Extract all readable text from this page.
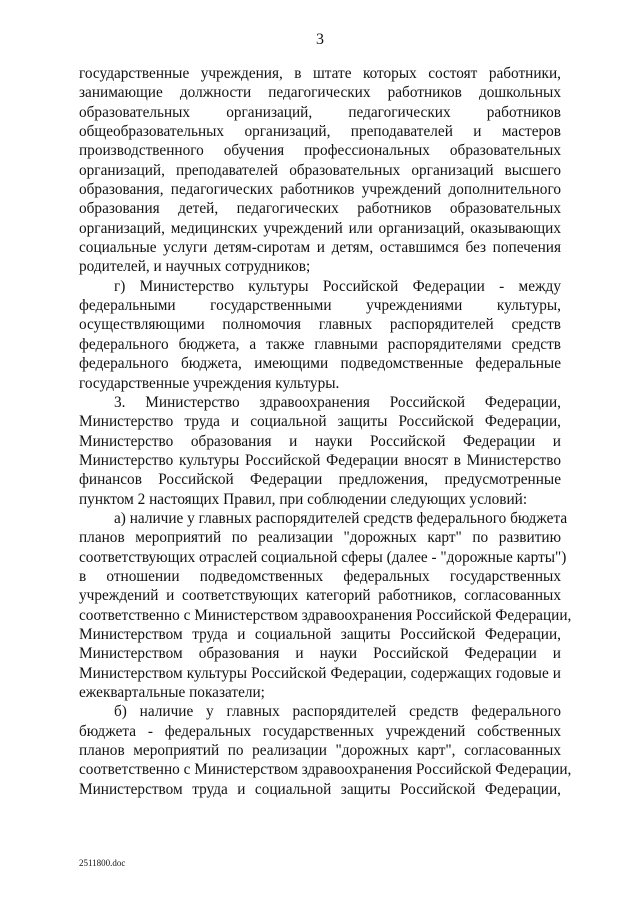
3
государственные учреждения, в штате которых состоят работники,
занимающие должности педагогических работников дошкольных
образовательных организаций, педагогических работников
общеобразовательных организаций, преподавателей и мастеров
производственного обучения профессиональных образовательных
организаций, преподавателей образовательных организаций высшего
образования, педагогических работников учреждений дополнительного
образования детей, педагогических работников образовательных
организаций, медицинских учреждений или организаций, оказывающих
социальные услуги детям-сиротам и детям, оставшимся без попечения
родителей, и научных сотрудников;
г) Министерство культуры Российской Федерации - между
федеральными государственными учреждениями культуры,
осуществляющими полномочия главных распорядителей средств
федерального бюджета, а также главными распорядителями средств
федерального бюджета, имеющими подведомственные федеральные
государственные учреждения культуры.
3. Министерство здравоохранения Российской Федерации,
Министерство труда и социальной защиты Российской Федерации,
Министерство образования и науки Российской Федерации и
Министерство культуры Российской Федерации вносят в Министерство
финансов Российской Федерации предложения, предусмотренные
пунктом 2 настоящих Правил, при соблюдении следующих условий:
а) наличие у главных распорядителей средств федерального бюджета
планов мероприятий по реализации "дорожных карт" по развитию
соответствующих отраслей социальной сферы (далее - "дорожные карты")
в отношении подведомственных федеральных государственных
учреждений и соответствующих категорий работников, согласованных
соответственно с Министерством здравоохранения Российской Федерации,
Министерством труда и социальной защиты Российской Федерации,
Министерством образования и науки Российской Федерации и
Министерством культуры Российской Федерации, содержащих годовые и
ежеквартальные показатели;
б) наличие у главных распорядителей средств федерального
бюджета - федеральных государственных учреждений собственных
планов мероприятий по реализации "дорожных карт", согласованных
соответственно с Министерством здравоохранения Российской Федерации,
Министерством труда и социальной защиты Российской Федерации,
2511800.doc
